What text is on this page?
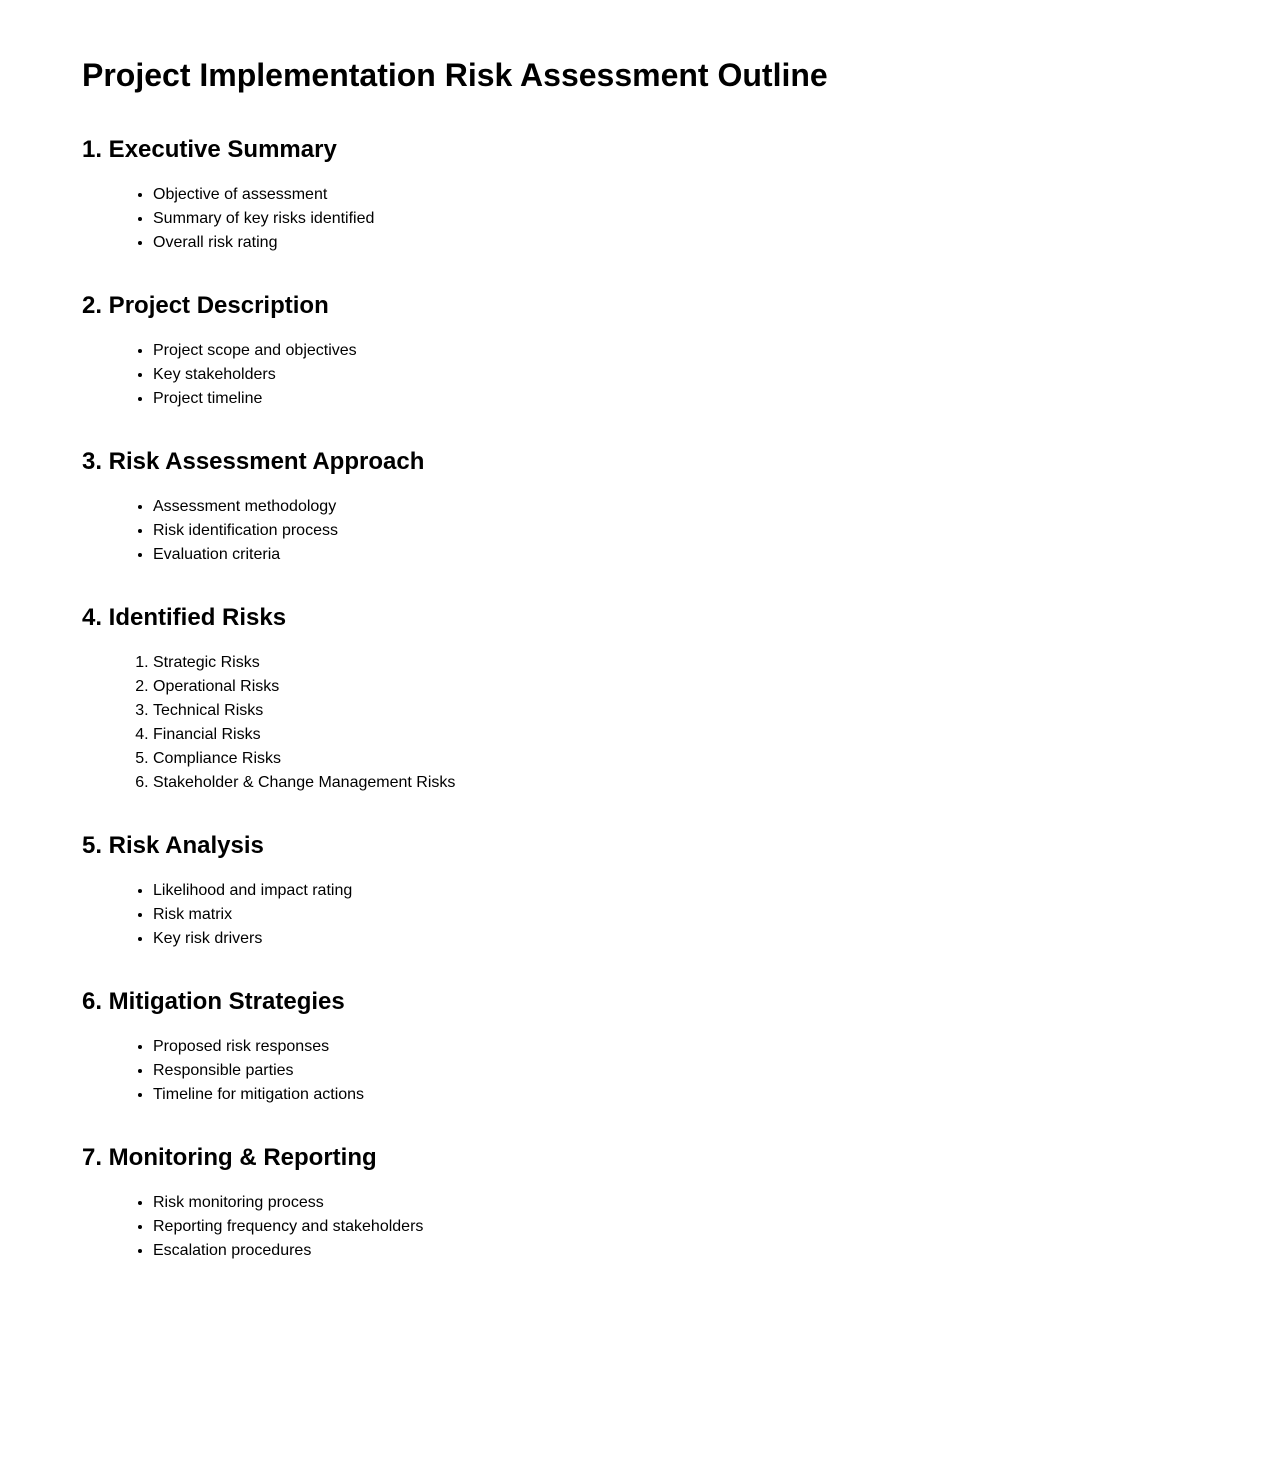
Project Implementation Risk Assessment Outline
1. Executive Summary
• Objective of assessment
• Summary of key risks identified
• Overall risk rating
2. Project Description
• Project scope and objectives
• Key stakeholders
• Project timeline
3. Risk Assessment Approach
• Assessment methodology
• Risk identification process
• Evaluation criteria
4. Identified Risks
1. Strategic Risks
2. Operational Risks
3. Technical Risks
4. Financial Risks
5. Compliance Risks
6. Stakeholder & Change Management Risks
5. Risk Analysis
• Likelihood and impact rating
• Risk matrix
• Key risk drivers
6. Mitigation Strategies
• Proposed risk responses
• Responsible parties
• Timeline for mitigation actions
7. Monitoring & Reporting
• Risk monitoring process
• Reporting frequency and stakeholders
• Escalation procedures
